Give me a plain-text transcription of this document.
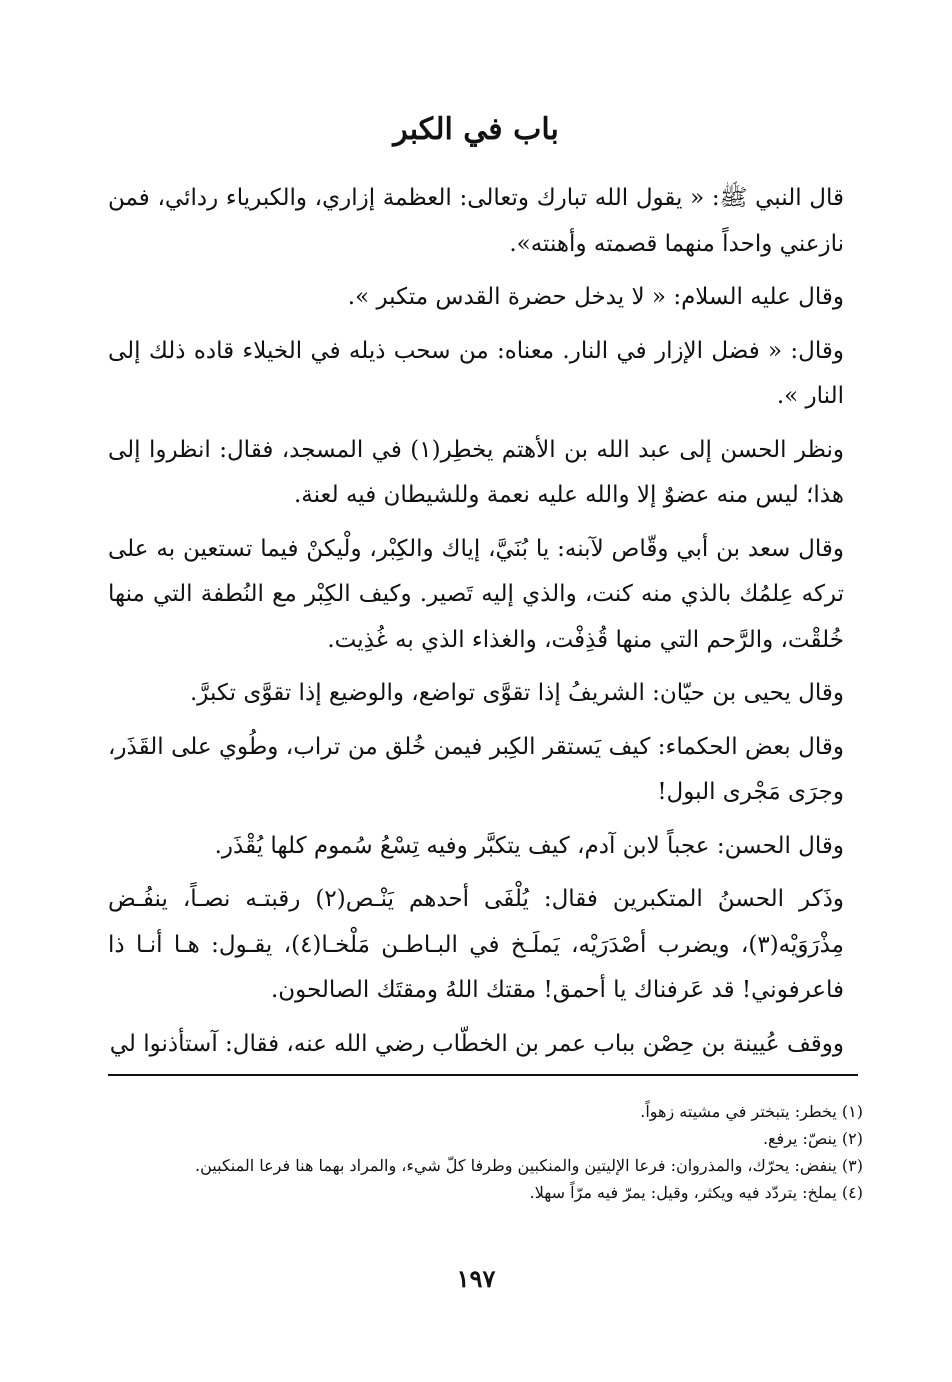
باب في الكبر

قال النبي ﷺ: « يقول الله تبارك وتعالى: العظمة إزاري، والكبرياء ردائي، فمن نازعني واحداً منهما قصمته وأهنته».

وقال عليه السلام: « لا يدخل حضرة القدس متكبر ».

وقال: « فضل الإزار في النار. معناه: من سحب ذيله في الخيلاء قاده ذلك إلى النار ».

ونظر الحسن إلى عبد الله بن الأهتم يخطِر(١) في المسجد، فقال: انظروا إلى هذا؛ ليس منه عضوٌ إلا والله عليه نعمة وللشيطان فيه لعنة.

وقال سعد بن أبي وقّاص لآبنه: يا بُنَيَّ، إياك والكِبْر، ولْيكنْ فيما تستعين به على تركه عِلمُك بالذي منه كنت، والذي إليه تَصير. وكيف الكِبْر مع النُطفة التي منها خُلقْت، والرَّحم التي منها قُذِفْت، والغذاء الذي به غُذِيت.

وقال يحيى بن حيّان: الشريفُ إذا تقوَّى تواضع، والوضيع إذا تقوَّى تكبرَّ.

وقال بعض الحكماء: كيف يَستقر الكِبر فيمن خُلق من تراب، وطُوي على القَذَر، وجرَى مَجْرى البول!

وقال الحسن: عجباً لابن آدم، كيف يتكبَّر وفيه تِسْعُ سُموم كلها يُقْذَر.

وذَكر الحسنُ المتكبرين فقال: يُلْفَى أحدهم يَنْـص(٢) رقبتـه نصـاً، ينفُـض مِذْرَوَيْه(٣)، ويضرب أصْدَرَيْه، يَملَـخ في البـاطـن مَلْخـا(٤)، يقـول: هـا أنـا ذا فاعرفوني! قد عَرفناك يا أحمق! مقتك اللهُ ومقتَك الصالحون.

ووقف عُيينة بن حِصْن بباب عمر بن الخطّاب رضي الله عنه، فقال: آستأذنوا لي

(١) يخطر: يتبختر في مشيته زهواً.

(٢) ينصّ: يرفع.

(٣) ينفض: يحرّك، والمذروان: فرعا الإليتين والمنكبين وطرفا كلّ شيء، والمراد بهما هنا فرعا المنكبين.

(٤) يملخ: يتردّد فيه ويكثر، وقيل: يمرّ فيه مرّاً سهلا.

١٩٧
